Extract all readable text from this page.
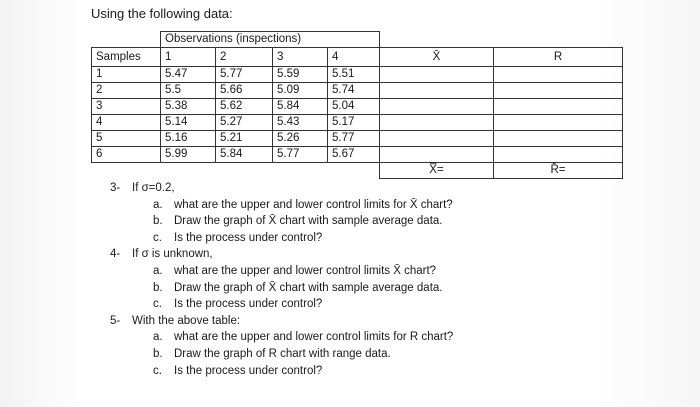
Using the following data:
	Observations (inspections)					
Samples	1	2	3	4	X̄	R
1	5.47	5.77	5.59	5.51		
2	5.5	5.66	5.09	5.74		
3	5.38	5.62	5.84	5.04		
4	5.14	5.27	5.43	5.17		
5	5.16	5.21	5.26	5.77		
6	5.99	5.84	5.77	5.67		
					X̿=	R̄=
3-	If σ=0.2,
a. what are the upper and lower control limits for X̄ chart?
b. Draw the graph of X̄ chart with sample average data.
c.	Is the process under control?
4-	If σ is unknown,
a. what are the upper and lower control limits X̄ chart?
b. Draw the graph of X̄ chart with sample average data.
c.	Is the process under control?
5-	With the above table:
a. what are the upper and lower control limits for R chart?
b. Draw the graph of R chart with range data.
c.	Is the process under control?
